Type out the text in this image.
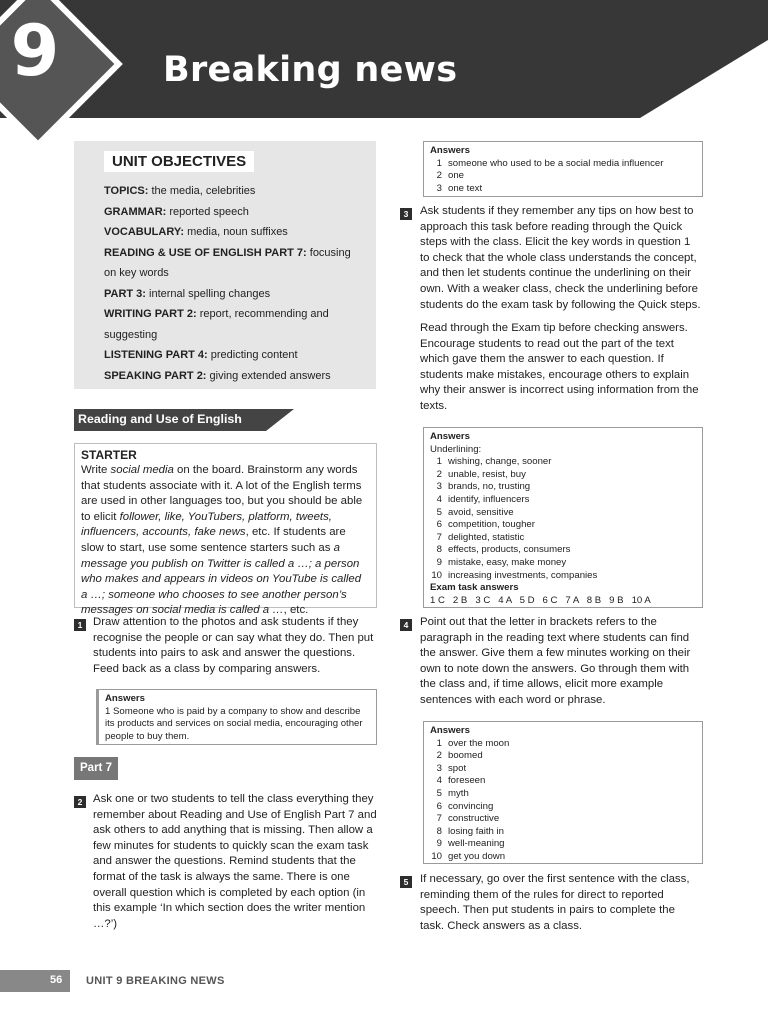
9	Breaking news
UNIT OBJECTIVES
TOPICS: the media, celebrities
GRAMMAR: reported speech
VOCABULARY: media, noun suffixes
READING & USE OF ENGLISH PART 7: focusing on key words
PART 3: internal spelling changes
WRITING PART 2: report, recommending and suggesting
LISTENING PART 4: predicting content
SPEAKING PART 2: giving extended answers
Reading and Use of English
STARTER

Write social media on the board. Brainstorm any words that students associate with it. A lot of the English terms are used in other languages too, but you should be able to elicit follower, like, YouTubers, platform, tweets, influencers, accounts, fake news, etc. If students are slow to start, use some sentence starters such as a message you publish on Twitter is called a …; a person who makes and appears in videos on YouTube is called a …; someone who chooses to see another person’s messages on social media is called a …, etc.

1 Draw attention to the photos and ask students if they recognise the people or can say what they do. Then put students into pairs to ask and answer the questions. Feed back as a class by comparing answers.

Answers
1 Someone who is paid by a company to show and describe its products and services on social media, encouraging other people to buy them.
Part 7
2 Ask one or two students to tell the class everything they remember about Reading and Use of English Part 7 and ask others to add anything that is missing. Then allow a few minutes for students to quickly scan the exam task and answer the questions. Remind students that the format of the task is always the same. There is one overall question which is completed by each option (in this example ‘In which section does the writer mention …?’)

Answers
1 someone who used to be a social media influencer
2 one
3 one text
3	Ask students if they remember any tips on how best to approach this task before reading through the Quick steps with the class. Elicit the key words in question 1 to check that the whole class understands the concept, and then let students continue the underlining on their own. With a weaker class, check the underlining before students do the exam task by following the Quick steps.

Read through the Exam tip before checking answers. Encourage students to read out the part of the text which gave them the answer to each question. If students make mistakes, encourage others to explain why their answer is incorrect using information from the texts.

Answers
Underlining:
1 wishing, change, sooner
2 unable, resist, buy
3 brands, no, trusting
4 identify, influencers
5 avoid, sensitive
6 competition, tougher
7 delighted, statistic
8 effects, products, consumers
9 mistake, easy, make money
10 increasing investments, companies
Exam task answers
1 C   2 B   3 C   4 A   5 D   6 C   7 A   8 B   9 B   10 A
4	Point out that the letter in brackets refers to the paragraph in the reading text where students can find the answer. Give them a few minutes working on their own to note down the answers. Go through them with the class and, if time allows, elicit more example sentences with each word or phrase.

Answers
1 over the moon
2 boomed
3 spot
4 foreseen
5 myth
6 convincing
7 constructive
8 losing faith in
9 well-meaning
10 get you down
5	If necessary, go over the first sentence with the class, reminding them of the rules for direct to reported speech. Then put students in pairs to complete the task. Check answers as a class.

56 UNIT 9 BREAKING NEWS
